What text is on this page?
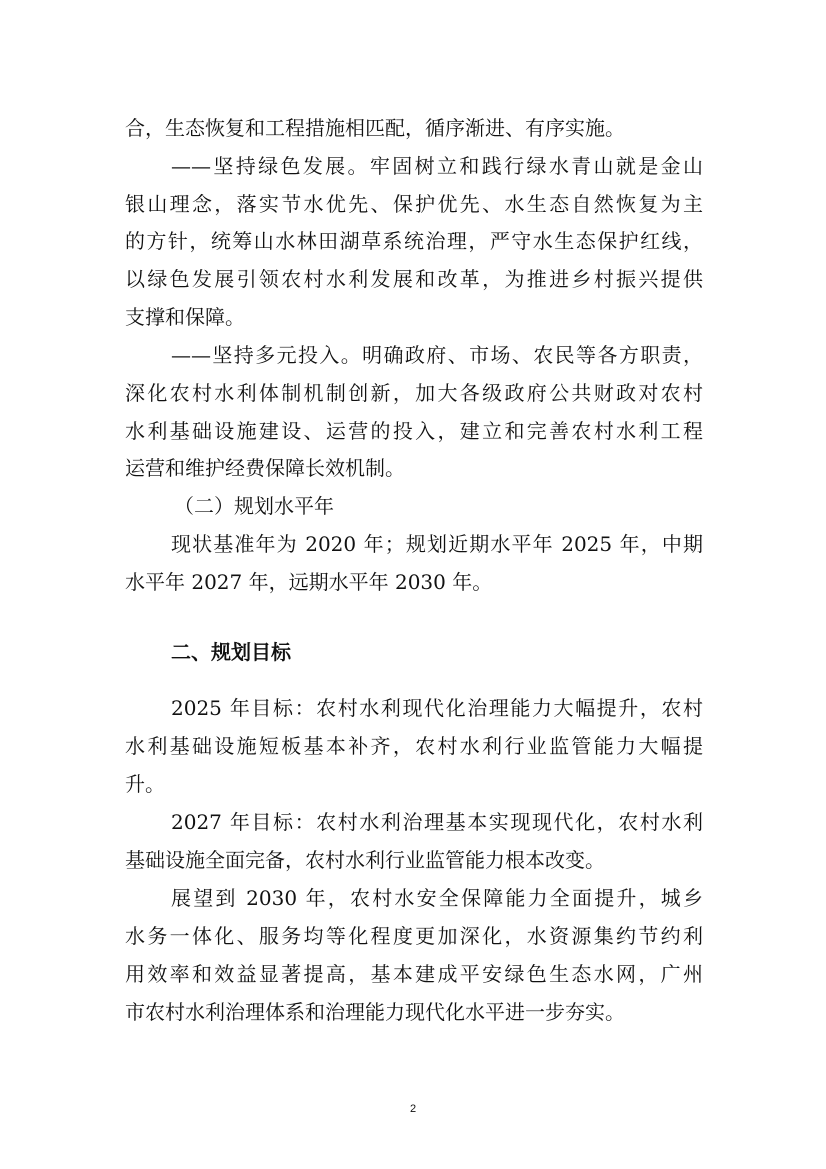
合，生态恢复和工程措施相匹配，循序渐进、有序实施。
——坚持绿色发展。牢固树立和践行绿水青山就是金山
银山理念，落实节水优先、保护优先、水生态自然恢复为主
的方针，统筹山水林田湖草系统治理，严守水生态保护红线，
以绿色发展引领农村水利发展和改革，为推进乡村振兴提供
支撑和保障。
——坚持多元投入。明确政府、市场、农民等各方职责，
深化农村水利体制机制创新，加大各级政府公共财政对农村
水利基础设施建设、运营的投入，建立和完善农村水利工程
运营和维护经费保障长效机制。
（二）规划水平年
现状基准年为 2020 年；规划近期水平年 2025 年，中期
水平年 2027 年，远期水平年 2030 年。
二、规划目标
2025 年目标：农村水利现代化治理能力大幅提升，农村
水利基础设施短板基本补齐，农村水利行业监管能力大幅提
升。
2027 年目标：农村水利治理基本实现现代化，农村水利
基础设施全面完备，农村水利行业监管能力根本改变。
展望到 2030 年，农村水安全保障能力全面提升，城乡
水务一体化、服务均等化程度更加深化，水资源集约节约利
用效率和效益显著提高，基本建成平安绿色生态水网，广州
市农村水利治理体系和治理能力现代化水平进一步夯实。
2
